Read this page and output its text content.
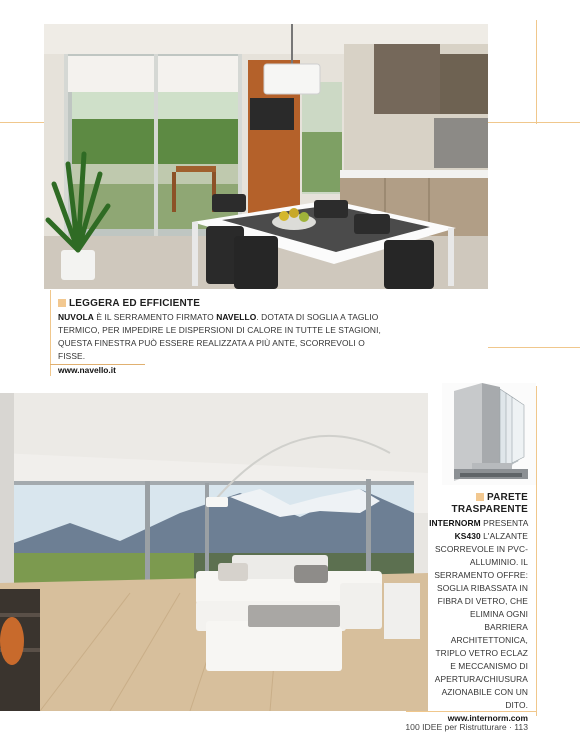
LEGGERA ED EFFICIENTE
NUVOLA È IL SERRAMENTO FIRMATO NAVELLO. DOTATA DI SOGLIA A TAGLIO TERMICO, PER IMPEDIRE LE DISPERSIONI DI CALORE IN TUTTE LE STAGIONI, QUESTA FINESTRA PUÒ ESSERE REALIZZATA A PIÙ ANTE, SCORREVOLI O FISSE.
www.navello.it
PARETE
TRASPARENTE
INTERNORM PRESENTA KS430 L'ALZANTE SCORREVOLE IN PVC-ALLUMINIO. IL SERRAMENTO OFFRE: SOGLIA RIBASSATA IN FIBRA DI VETRO, CHE ELIMINA OGNI BARRIERA ARCHITETTONICA, TRIPLO VETRO ECLAZ E MECCANISMO DI APERTURA/CHIUSURA AZIONABILE CON UN DITO.
www.internorm.com
100 IDEE per Ristrutturare · 113
